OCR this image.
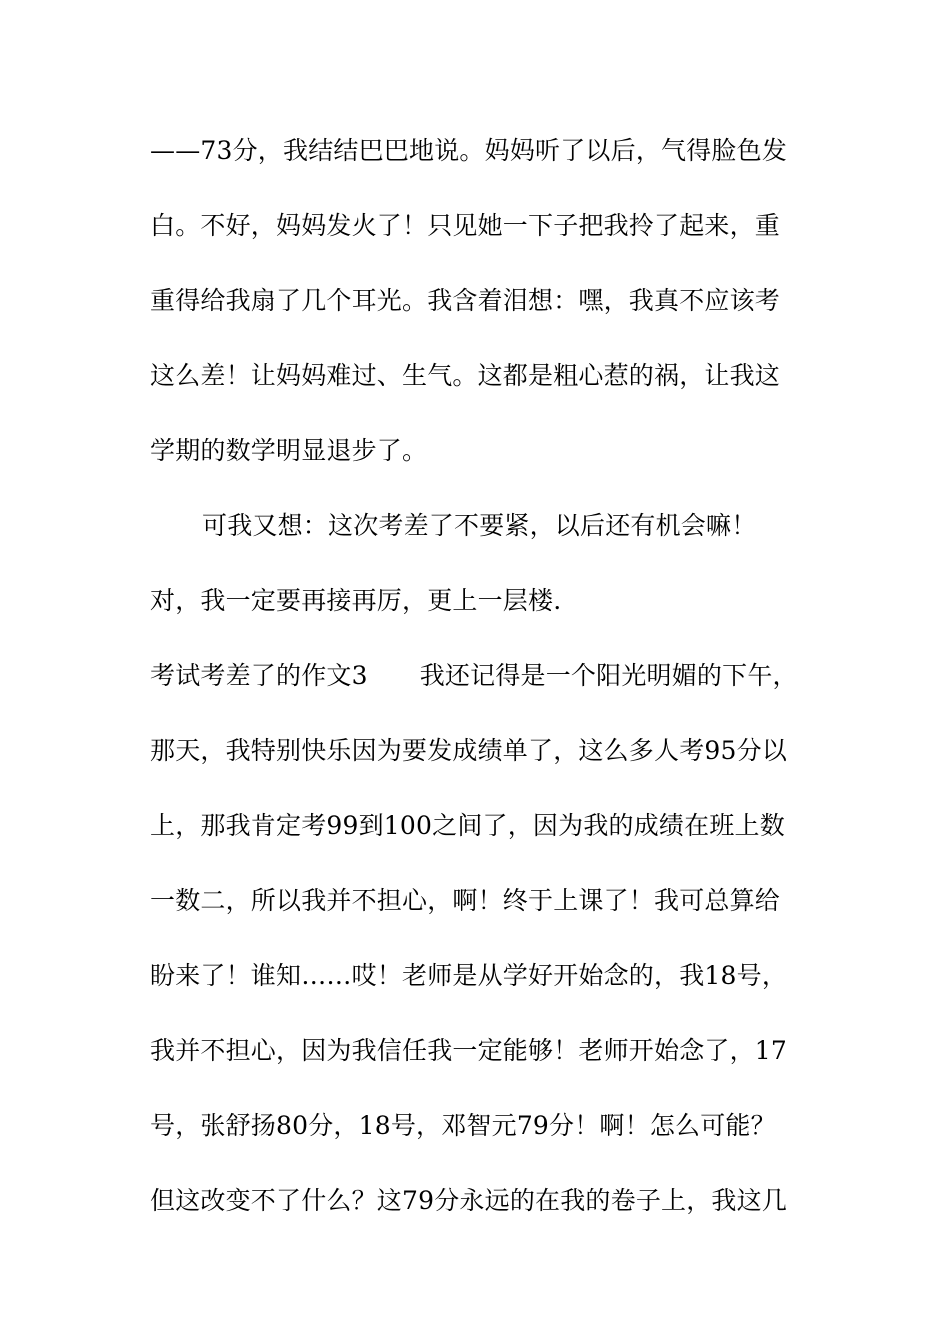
——73分，我结结巴巴地说。妈妈听了以后，气得脸色发
白。不好，妈妈发火了！只见她一下子把我拎了起来，重
重得给我扇了几个耳光。我含着泪想：嘿，我真不应该考
这么差！让妈妈难过、生气。这都是粗心惹的祸，让我这
学期的数学明显退步了。
可我又想：这次考差了不要紧，以后还有机会嘛！
对，我一定要再接再厉，更上一层楼.
考试考差了的作文3 我还记得是一个阳光明媚的下午，
那天，我特别快乐因为要发成绩单了，这么多人考95分以
上，那我肯定考99到100之间了，因为我的成绩在班上数
一数二，所以我并不担心，啊！终于上课了！我可总算给
盼来了！谁知……哎！老师是从学好开始念的，我18号，
我并不担心，因为我信任我一定能够！老师开始念了，17
号，张舒扬80分，18号，邓智元79分！啊！怎么可能？
但这改变不了什么？这79分永远的在我的卷子上，我这几
